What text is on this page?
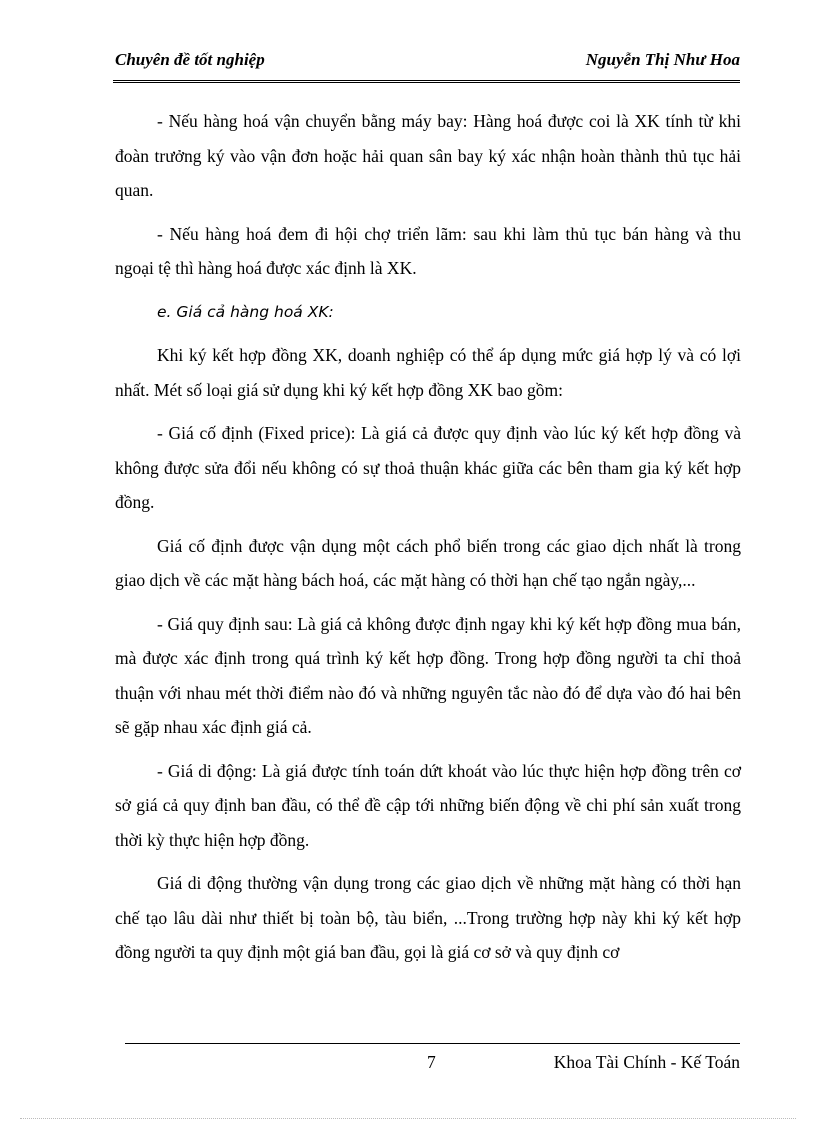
Chuyên đề tốt nghiệp	Nguyễn Thị Như Hoa

- Nếu hàng hoá vận chuyển bằng máy bay: Hàng hoá được coi là XK tính từ khi đoàn trưởng ký vào vận đơn hoặc hải quan sân bay ký xác nhận hoàn thành thủ tục hải quan.

- Nếu hàng hoá đem đi hội chợ triển lãm: sau khi làm thủ tục bán hàng và thu ngoại tệ thì hàng hoá được xác định là XK.

e. Giá cả hàng hoá XK:

Khi ký kết hợp đồng XK, doanh nghiệp có thể áp dụng mức giá hợp lý và có lợi nhất. Mét số loại giá sử dụng khi ký kết hợp đồng XK bao gồm:

- Giá cố định (Fixed price): Là giá cả được quy định vào lúc ký kết hợp đồng và không được sửa đổi nếu không có sự thoả thuận khác giữa các bên tham gia ký kết hợp đồng.

Giá cố định được vận dụng một cách phổ biến trong các giao dịch nhất là trong giao dịch về các mặt hàng bách hoá, các mặt hàng có thời hạn chế tạo ngắn ngày,...

- Giá quy định sau: Là giá cả không được định ngay khi ký kết hợp đồng mua bán, mà được xác định trong quá trình ký kết hợp đồng. Trong hợp đồng người ta chỉ thoả thuận với nhau mét thời điểm nào đó và những nguyên tắc nào đó để dựa vào đó hai bên sẽ gặp nhau xác định giá cả.

- Giá di động: Là giá được tính toán dứt khoát vào lúc thực hiện hợp đồng trên cơ sở giá cả quy định ban đầu, có thể đề cập tới những biến động về chi phí sản xuất trong thời kỳ thực hiện hợp đồng.

Giá di động thường vận dụng trong các giao dịch về những mặt hàng có thời hạn chế tạo lâu dài như thiết bị toàn bộ, tàu biển, ...Trong trường hợp này khi ký kết hợp đồng người ta quy định một giá ban đầu, gọi là giá cơ sở và quy định cơ

7	Khoa Tài Chính - Kế Toán
